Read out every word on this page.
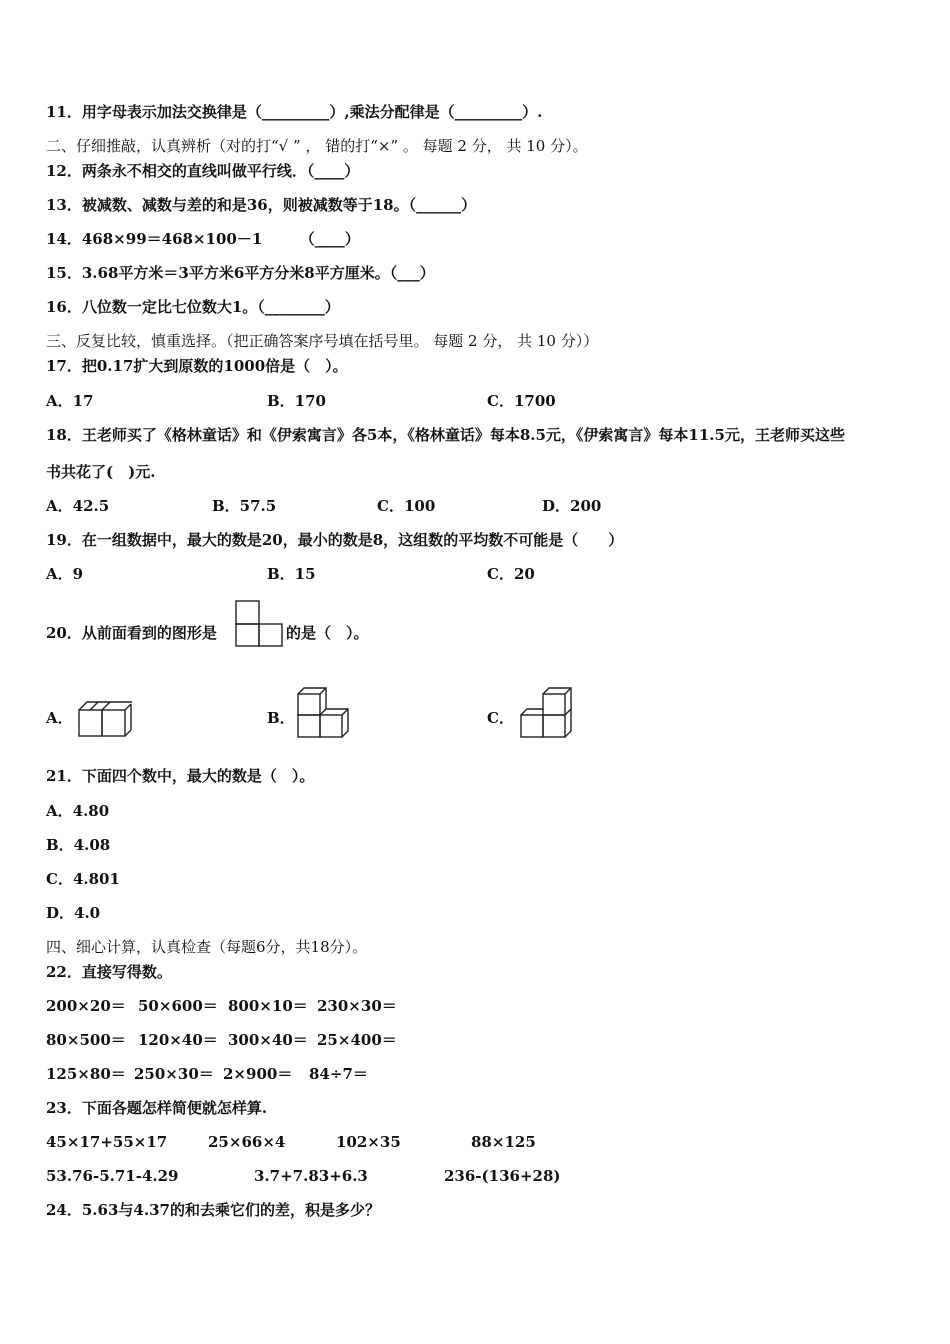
11．用字母表示加法交换律是（_________）,乘法分配律是（_________）.
二、仔细推敲，认真辨析（对的打“√ ” ， 错的打“×” 。 每题 2 分， 共 10 分）。
12．两条永不相交的直线叫做平行线．（____）
13．被减数、减数与差的和是36，则被减数等于18。（______）
14．468×99＝468×100－1　　　（____）
15．3.68平方米＝3平方米6平方分米8平方厘米。（___）
16．八位数一定比七位数大1。（________）
三、反复比较，慎重选择。（把正确答案序号填在括号里。 每题 2 分， 共 10 分））
17．把0.17扩大到原数的1000倍是（　）。
A．17	B．170	C．1700
18．王老师买了《格林童话》和《伊索寓言》各5本，《格林童话》每本8.5元，《伊索寓言》每本11.5元，王老师买这些
书共花了(　)元.
A．42.5	B．57.5	C．100	D．200
19．在一组数据中，最大的数是20，最小的数是8，这组数的平均数不可能是（　　）
A．9	B．15	C．20
20．从前面看到的图形是	的是（　）。
A．	B．	C．
21．下面四个数中，最大的数是（　）。
A．4.80
B．4.08
C．4.801
D．4.0
四、细心计算，认真检查（每题6分，共18分）。
22．直接写得数。
200×20＝ 50×600＝ 800×10＝ 230×30＝
80×500＝ 120×40＝ 300×40＝ 25×400＝
125×80＝ 250×30＝ 2×900＝ 84÷7＝
23．下面各题怎样简便就怎样算.
45×17+55×17	25×66×4	102×35	88×125
53.76-5.71-4.29	3.7+7.83+6.3	236-(136+28)
24．5.63与4.37的和去乘它们的差，积是多少？
